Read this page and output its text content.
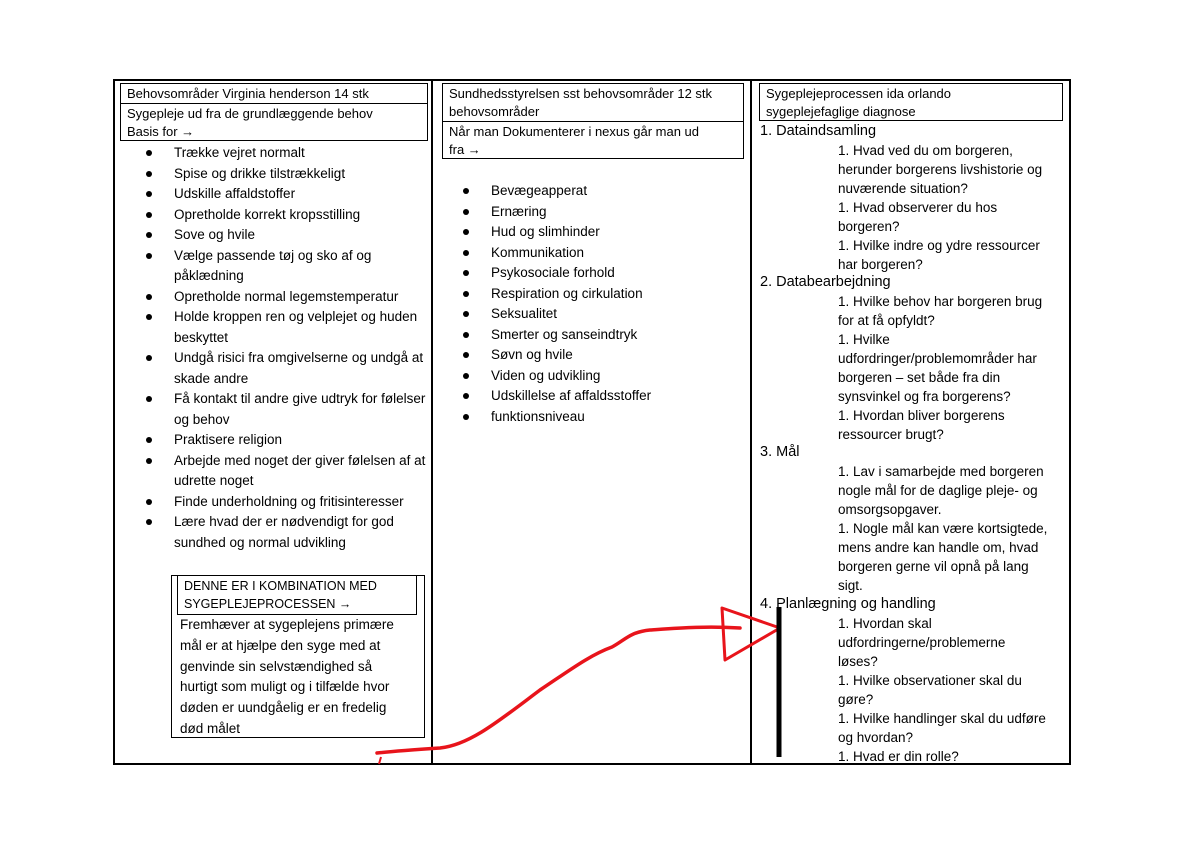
Behovsområder Virginia henderson 14 stk
Sygepleje ud fra de grundlæggende behov
Basis for →
Trække vejret normalt
Spise og drikke tilstrækkeligt
Udskille affaldstoffer
Opretholde korrekt kropsstilling
Sove og hvile
Vælge passende tøj og sko af og påklædning
Opretholde normal legemstemperatur
Holde kroppen ren og velplejet og huden beskyttet
Undgå risici fra omgivelserne og undgå at skade andre
Få kontakt til andre give udtryk for følelser og behov
Praktisere religion
Arbejde med noget der giver følelsen af at udrette noget
Finde underholdning og fritisinteresser
Lære hvad der er nødvendigt for god sundhed og normal udvikling
DENNE ER I KOMBINATION MED
SYGEPLEJEPROCESSEN →
Fremhæver at sygeplejens primære
mål er at hjælpe den syge med at
genvinde sin selvstændighed så
hurtigt som muligt og i tilfælde hvor
døden er uundgåelig er en fredelig
død målet
Sundhedsstyrelsen sst behovsområder 12 stk
behovsområder
Når man Dokumenterer i nexus går man ud
fra →
Bevægeapperat
Ernæring
Hud og slimhinder
Kommunikation
Psykosociale forhold
Respiration og cirkulation
Seksualitet
Smerter og sanseindtryk
Søvn og hvile
Viden og udvikling
Udskillelse af affaldsstoffer
funktionsniveau
Sygeplejeprocessen ida orlando
sygeplejefaglige diagnose
1. Dataindsamling
1. Hvad ved du om borgeren,
herunder borgerens livshistorie og
nuværende situation?
1. Hvad observerer du hos
borgeren?
1. Hvilke indre og ydre ressourcer
har borgeren?
2. Databearbejdning
1. Hvilke behov har borgeren brug
for at få opfyldt?
1. Hvilke
udfordringer/problemområder har
borgeren – set både fra din
synsvinkel og fra borgerens?
1. Hvordan bliver borgerens
ressourcer brugt?
3. Mål
1. Lav i samarbejde med borgeren
nogle mål for de daglige pleje- og
omsorgsopgaver.
1. Nogle mål kan være kortsigtede,
mens andre kan handle om, hvad
borgeren gerne vil opnå på lang
sigt.
4. Planlægning og handling
1. Hvordan skal
udfordringerne/problemerne
løses?
1. Hvilke observationer skal du
gøre?
1. Hvilke handlinger skal du udføre
og hvordan?
1. Hvad er din rolle?
